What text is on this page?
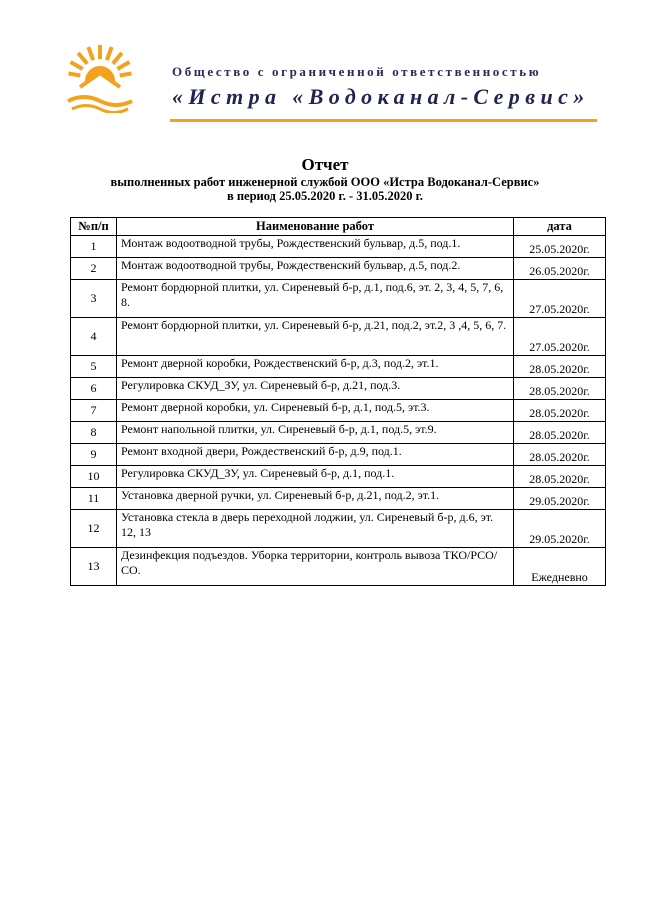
Общество с ограниченной ответственностью
«Истра «Водоканал-Сервис»
Отчет
выполненных работ инженерной службой ООО «Истра Водоканал-Сервис»
в период 25.05.2020 г. - 31.05.2020 г.
№п/п	Наименование работ	дата
1	Монтаж водоотводной трубы, Рождественский бульвар, д.5, под.1.	25.05.2020г.
2	Монтаж водоотводной трубы, Рождественский бульвар, д.5, под.2.	26.05.2020г.
3	Ремонт бордюрной плитки, ул. Сиреневый б-р, д.1, под.6, эт. 2, 3, 4, 5, 7, 6, 8.	27.05.2020г.
4	Ремонт бордюрной плитки, ул. Сиреневый б-р, д.21, под.2, эт.2, 3 ,4, 5, 6, 7.	27.05.2020г.
5	Ремонт дверной коробки, Рождественский б-р, д.3, под.2, эт.1.	28.05.2020г.
6	Регулировка СКУД_ЗУ, ул. Сиреневый б-р, д.21, под.3.	28.05.2020г.
7	Ремонт дверной коробки, ул. Сиреневый б-р, д.1, под.5, эт.3.	28.05.2020г.
8	Ремонт напольной плитки, ул. Сиреневый б-р, д.1, под.5, эт.9.	28.05.2020г.
9	Ремонт входной двери, Рождественский б-р, д.9, под.1.	28.05.2020г.
10	Регулировка СКУД_ЗУ, ул. Сиреневый б-р, д.1, под.1.	28.05.2020г.
11	Установка дверной ручки, ул. Сиреневый б-р, д.21, под.2, эт.1.	29.05.2020г.
12	Установка стекла в дверь переходной лоджии, ул. Сиреневый б-р, д.6, эт. 12, 13	29.05.2020г.
13	Дезинфекция подъездов. Уборка территории, контроль вывоза ТКО/РСО/СО.	Ежедневно
